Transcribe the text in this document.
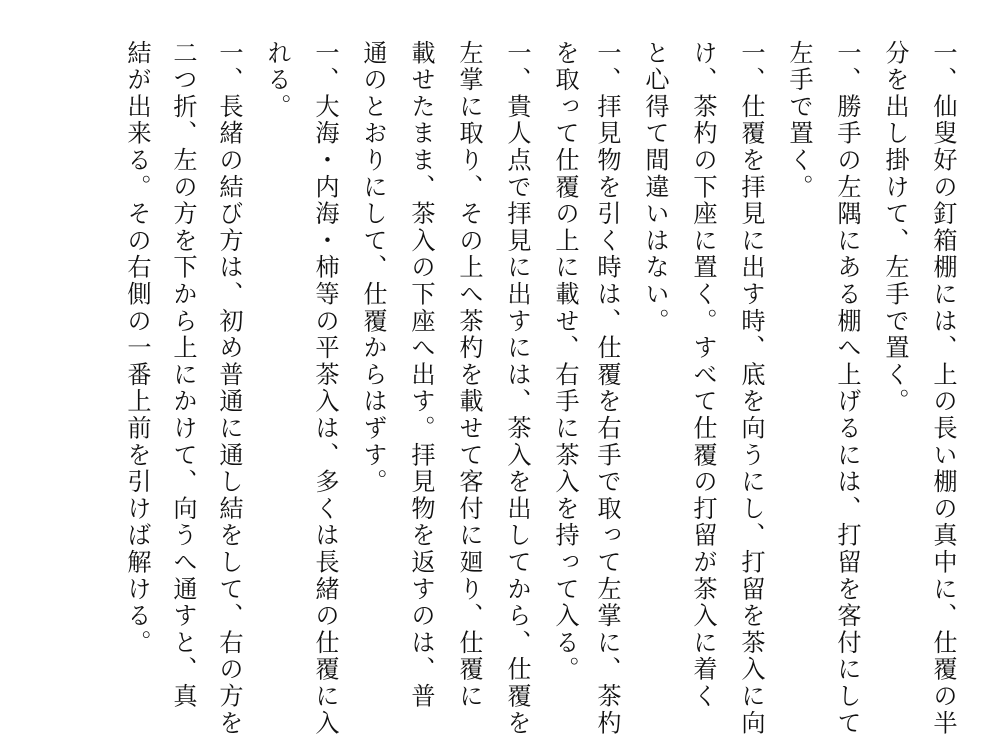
一、仙叟好の釘箱棚には、上の長い棚の真中に、仕覆の半
分を出し掛けて、左手で置く。
一、勝手の左隅にある棚へ上げるには、打留を客付にして
左手で置く。
一、仕覆を拝見に出す時、底を向うにし、打留を茶入に向
け、茶杓の下座に置く。すべて仕覆の打留が茶入に着く
と心得て間違いはない。
一、拝見物を引く時は、仕覆を右手で取って左掌に、茶杓
を取って仕覆の上に載せ、右手に茶入を持って入る。
一、貴人点で拝見に出すには、茶入を出してから、仕覆を
左掌に取り、その上へ茶杓を載せて客付に廻り、仕覆に
載せたまま、茶入の下座へ出す。拝見物を返すのは、普
通のとおりにして、仕覆からはずす。
一、大海・内海・柿等の平茶入は、多くは長緒の仕覆に入
れる。
一、長緒の結び方は、初め普通に通し結をして、右の方を
二つ折、左の方を下から上にかけて、向うへ通すと、真
結が出来る。その右側の一番上前を引けば解ける。
